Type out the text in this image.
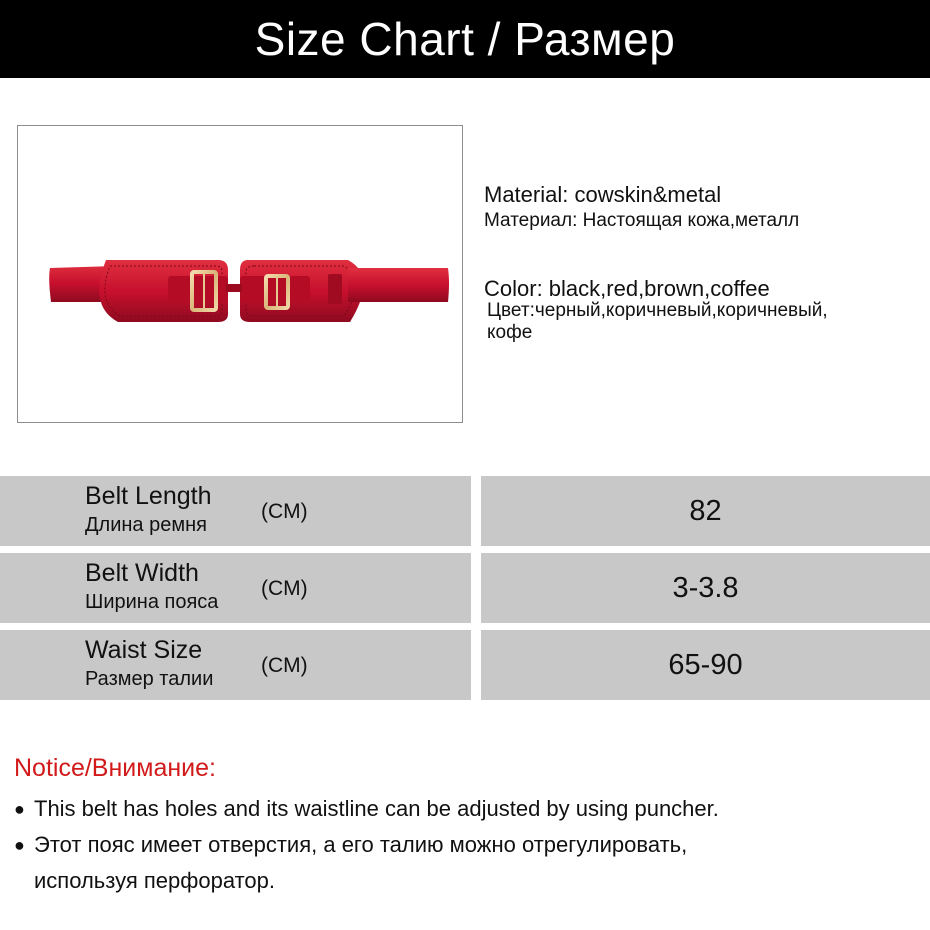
Size Chart / Размер
Material: cowskin&metal
Материал: Настоящая кожа,металл
Color: black,red,brown,coffee
Цвет:черный,коричневый,коричневый,
кофе
Belt Length
Длина ремня
(CM)	82
Belt Width
Ширина пояса
(CM)	3-3.8
Waist Size
Размер талии
(CM)	65-90
Notice/Внимание:
● This belt has holes and its waistline can be adjusted by using puncher.
● Этот пояс имеет отверстия, а его талию можно отрегулировать,
используя перфоратор.
